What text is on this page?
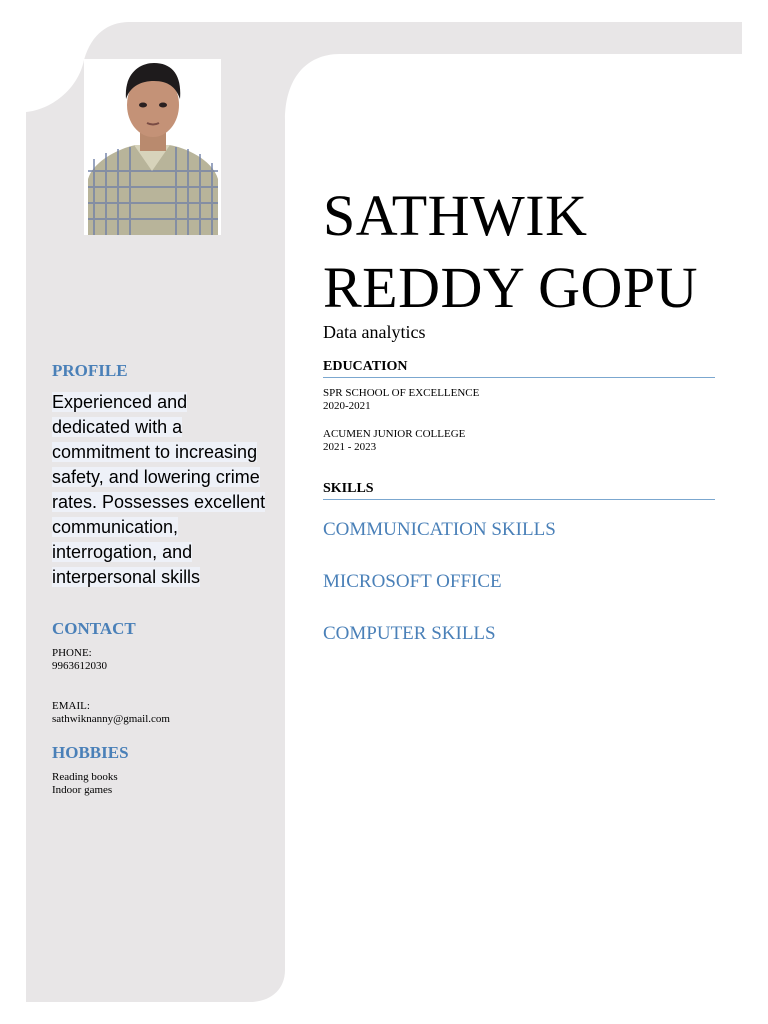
PROFILE
Experienced and
dedicated with a
commitment to increasing
safety, and lowering crime
rates. Possesses excellent
communication,
interrogation, and
interpersonal skills
CONTACT
PHONE:
9963612030
EMAIL:
sathwiknanny@gmail.com
HOBBIES
Reading books
Indoor games
SATHWIK
REDDY GOPU
Data analytics
EDUCATION
SPR SCHOOL OF EXCELLENCE
2020-2021
ACUMEN JUNIOR COLLEGE
2021 - 2023
SKILLS
COMMUNICATION SKILLS
MICROSOFT OFFICE
COMPUTER SKILLS
